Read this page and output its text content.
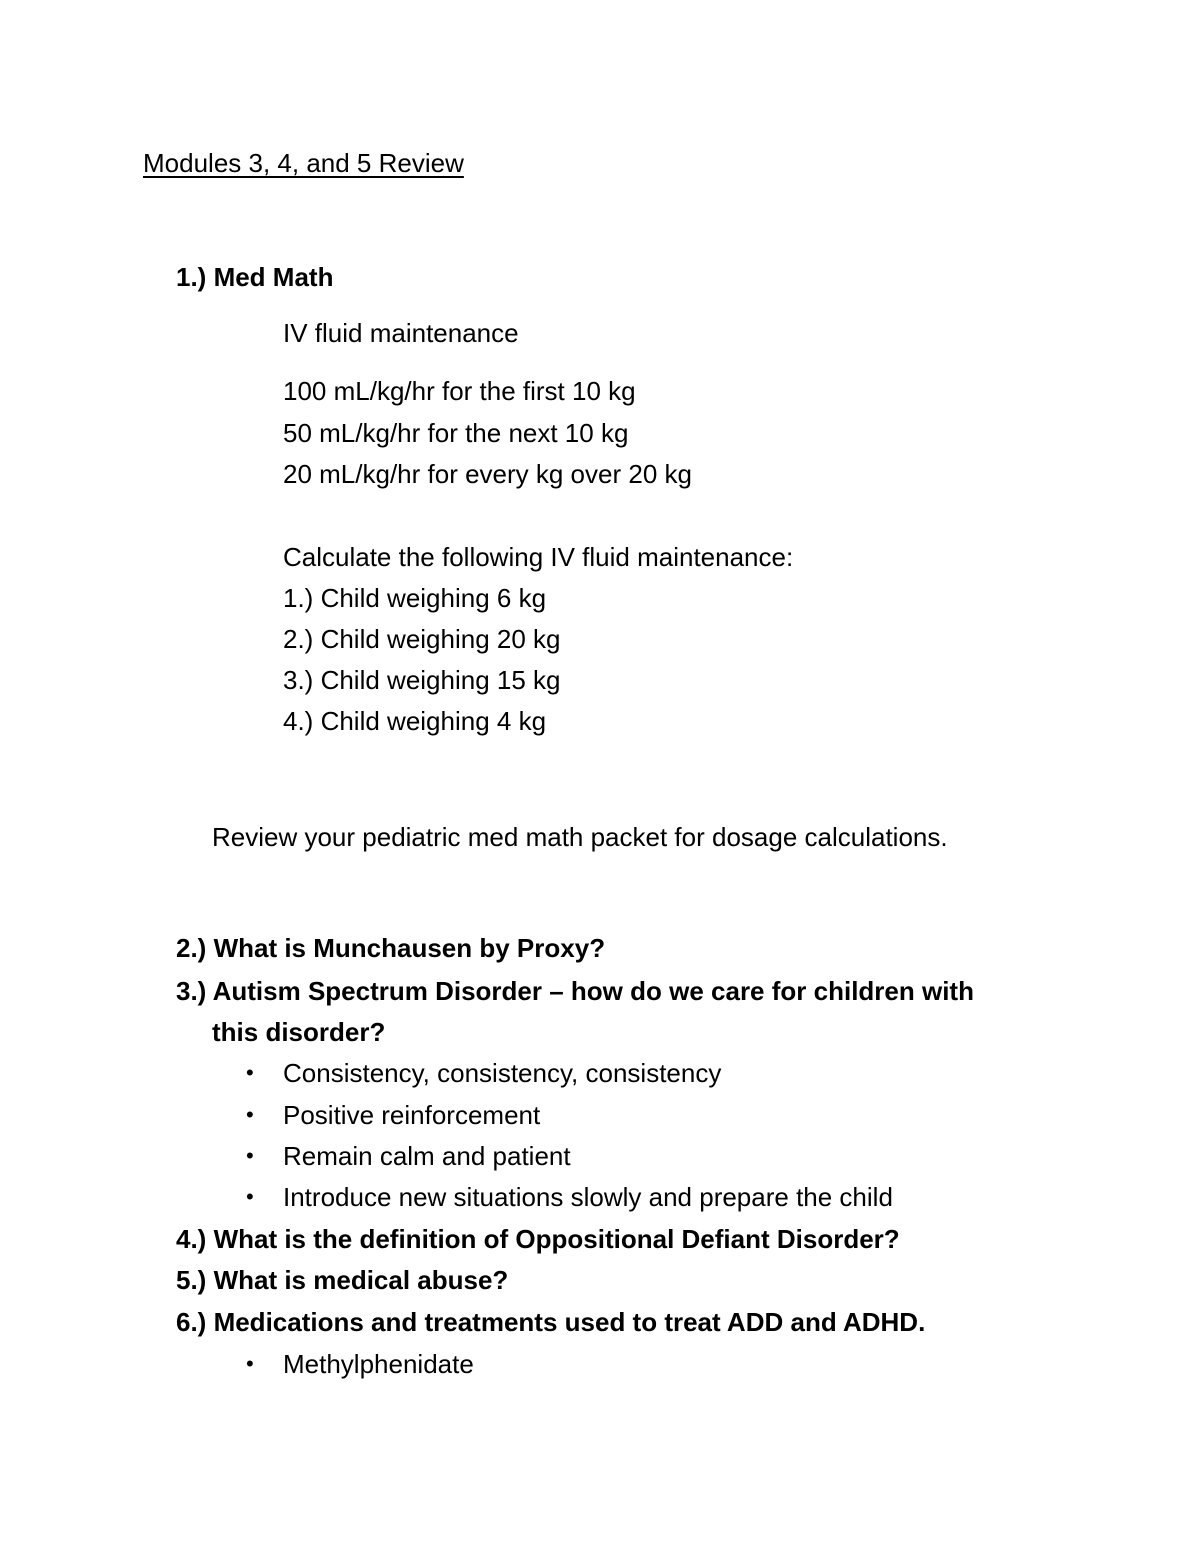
Modules 3, 4, and 5 Review
1.) Med Math
IV fluid maintenance
100 mL/kg/hr for the first 10 kg
50 mL/kg/hr for the next 10 kg
20 mL/kg/hr for every kg over 20 kg
Calculate the following IV fluid maintenance:
1.) Child weighing 6 kg
2.) Child weighing 20 kg
3.) Child weighing 15 kg
4.) Child weighing 4 kg
Review your pediatric med math packet for dosage calculations.
2.) What is Munchausen by Proxy?
3.) Autism Spectrum Disorder – how do we care for children with
this disorder?
• Consistency, consistency, consistency
• Positive reinforcement
• Remain calm and patient
• Introduce new situations slowly and prepare the child
4.) What is the definition of Oppositional Defiant Disorder?
5.) What is medical abuse?
6.) Medications and treatments used to treat ADD and ADHD.
• Methylphenidate
